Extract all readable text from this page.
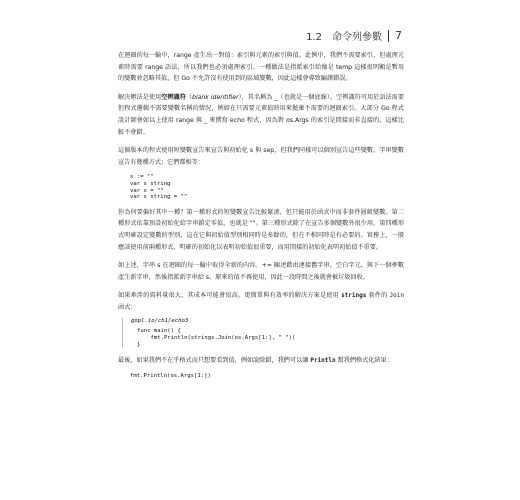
1.2　命令列參數 7

在迴圈的每一輪中，range 產生出一對值：索引與元素的索引與值。此例中，我們不需要索引，但處理元素時需要 range 語法，所以我們也必須處理索引。一種做法是指派索引給像是 temp 這樣很明顯是暫用的變數並忽略其值，但 Go 不允許沒有使用到的區域變數，因此這樣會導致編譯錯誤。

解決辦法是使用空辨識符（blank identifier），其名稱為 _（也就是一個底線）。空辨識符可用於語法需要但程式邏輯不需要變數名稱的情況，例如在只需要元素值時用來拋棄不需要的迴圈索引。大部分 Go 程式設計師會如以上使用 range 與 _ 來撰寫 echo 程式，因為對 os.Args 的索引是間接而非直接的，這樣比較不會錯。

這個版本的程式使用短變數宣告來宣告與初始化 s 與 sep，但我們同樣可以個別宣告這些變數。字串變數宣告有幾種方式；它們都相等：

s := ""
var s string
var s = ""
var s string = ""

你為何要偏好其中一種？第一種形式的短變數宣告比較緊湊，但只能用於函式中而非套件層級變數。第二種形式依靠預設初始化給字串鎖定零值，也就是 ""。第三種形式除了在宣告多個變數外很少用。第四種形式明確設定變數的型別，這在它與初始值型別相同時是多餘的，但在不相同時是有必要的。實務上，一般應該使用前兩種形式，明確的初始化以表明初始值很重要，而用間接的初始化表明初始值不重要。

如上述，字串 s 在迴圈的每一輪中取得全新的內容。+= 陳述藉由連接舊字串、空白字元、與下一個參數產生新字串，然後指派新字串給 s。原來的值不再使用，因此一段時間之後就會被垃圾回收。

如果牽涉的資料量很大，其成本可能會很高。更簡單與有效率的解決方案是使用 strings 套件的 Join 函式：

gopl.io/ch1/echo3
func main() {
fmt.Println(strings.Join(os.Args[1:], " "))
}

最後，如果我們不在乎格式而只想要看到值，例如說除錯，我們可以讓 Println 幫我們格式化結果：

fmt.Println(os.Args[1:])
